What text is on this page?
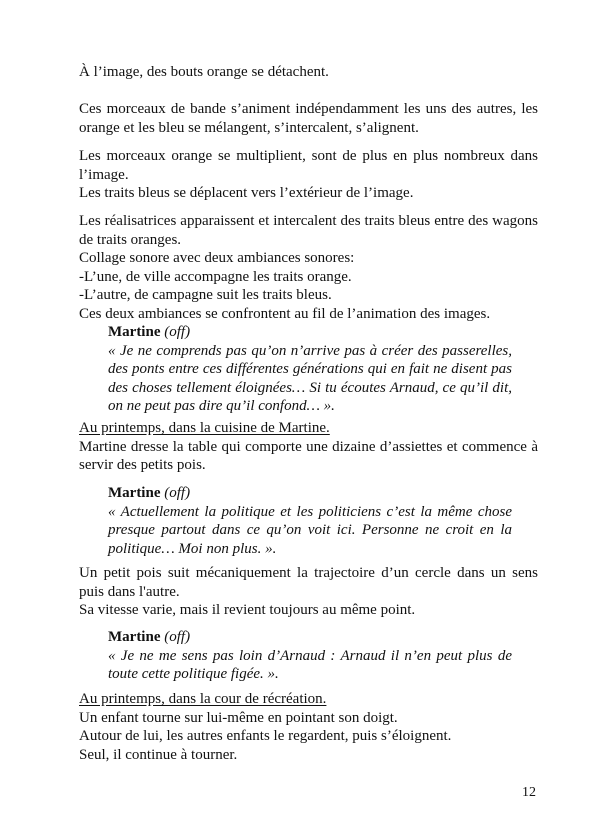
À l’image, des bouts orange se détachent.

Ces morceaux de bande s’animent indépendamment les uns des autres, les orange et les bleu se mélangent, s’intercalent, s’alignent.

Les morceaux orange se multiplient, sont de plus en plus nombreux dans l’image.

Les traits bleus se déplacent vers l’extérieur de l’image.

Les réalisatrices apparaissent et intercalent des traits bleus entre des wagons de traits oranges.

Collage sonore avec deux ambiances sonores:

-L’une, de ville accompagne les traits orange.

-L’autre, de campagne suit les traits bleus.

Ces deux ambiances se confrontent au fil de l’animation des images.

Martine (off)

« Je ne comprends pas qu’on n’arrive pas à créer des passerelles, des ponts entre ces différentes générations qui en fait ne disent pas des choses tellement éloignées… Si tu écoutes Arnaud, ce qu’il dit, on ne peut pas dire qu’il confond… ».

Au printemps, dans la cuisine de Martine.

Martine dresse la table qui comporte une dizaine d’assiettes et commence à servir des petits pois.

Martine (off)

« Actuellement la politique et les politiciens c’est la même chose presque partout dans ce qu’on voit ici. Personne ne croit en la politique… Moi non plus. ».

Un petit pois suit mécaniquement la trajectoire d’un cercle dans un sens puis dans l'autre.

Sa vitesse varie, mais il revient toujours au même point.

Martine (off)

« Je ne me sens pas loin d’Arnaud : Arnaud il n’en peut plus de toute cette politique figée. ».

Au printemps, dans la cour de récréation.

Un enfant tourne sur lui-même en pointant son doigt.

Autour de lui, les autres enfants le regardent, puis s’éloignent.

Seul, il continue à tourner.

12
